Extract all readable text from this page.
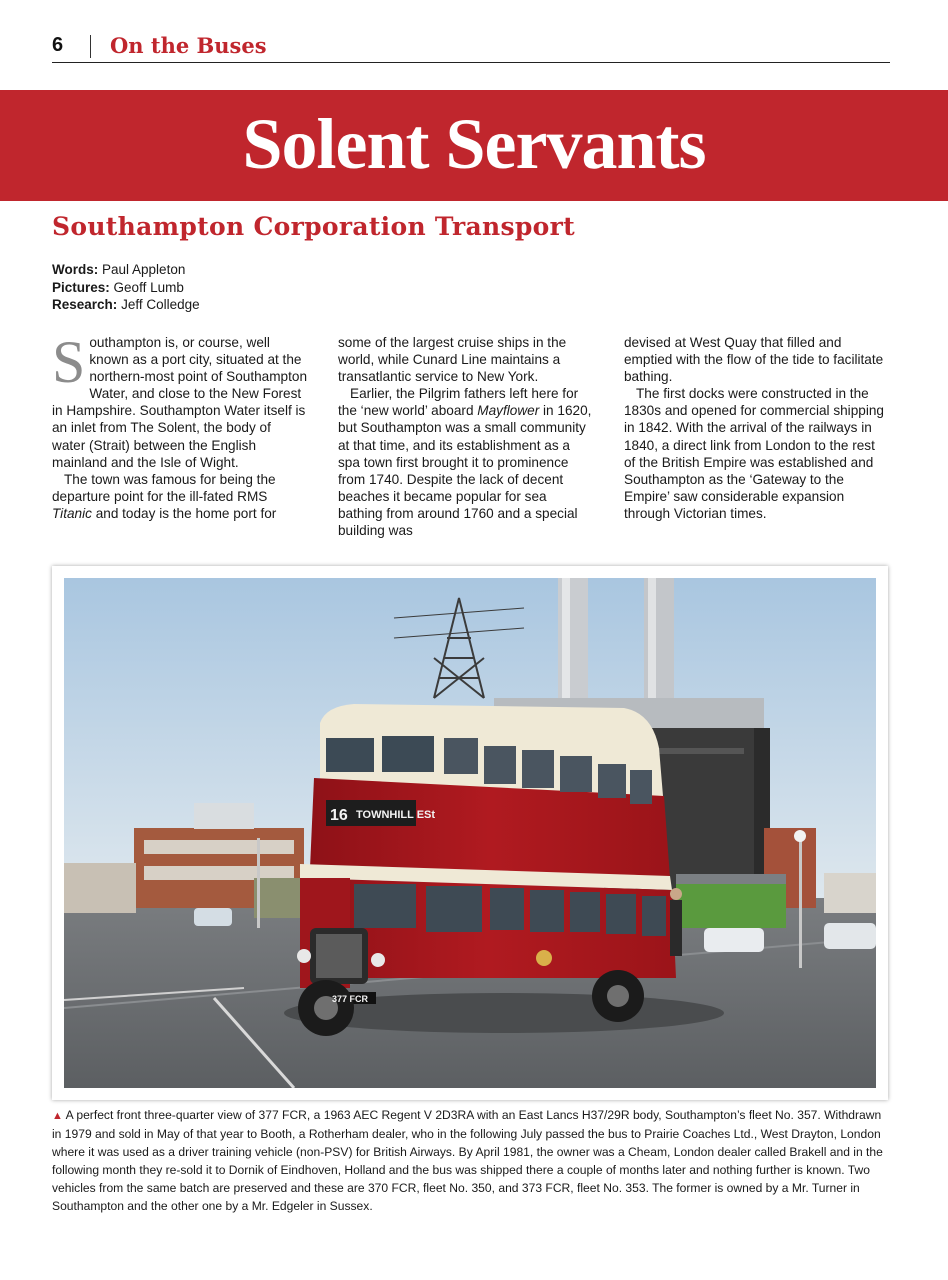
6 On the Buses
Solent Servants
Southampton Corporation Transport
Words: Paul Appleton
Pictures: Geoff Lumb
Research: Jeff Colledge

Southampton is, or course, well known as a port city, situated at the northern-most point of Southampton Water, and close to the New Forest in Hampshire. Southampton Water itself is an inlet from The Solent, the body of water (Strait) between the English mainland and the Isle of Wight.

The town was famous for being the departure point for the ill-fated RMS Titanic and today is the home port for

some of the largest cruise ships in the world, while Cunard Line maintains a transatlantic service to New York.

Earlier, the Pilgrim fathers left here for the ‘new world’ aboard Mayflower in 1620, but Southampton was a small community at that time, and its establishment as a spa town first brought it to prominence from 1740. Despite the lack of decent beaches it became popular for sea bathing from around 1760 and a special building was

devised at West Quay that filled and emptied with the flow of the tide to facilitate bathing.

The first docks were constructed in the 1830s and opened for commercial shipping in 1842. With the arrival of the railways in 1840, a direct link from London to the rest of the British Empire was established and Southampton as the ‘Gateway to the Empire’ saw considerable expansion through Victorian times.

16 TOWNHILL ESt
377 FCR
▲ A perfect front three-quarter view of 377 FCR, a 1963 AEC Regent V 2D3RA with an East Lancs H37/29R body, Southampton’s fleet No. 357. Withdrawn in 1979 and sold in May of that year to Booth, a Rotherham dealer, who in the following July passed the bus to Prairie Coaches Ltd., West Drayton, London where it was used as a driver training vehicle (non-PSV) for British Airways. By April 1981, the owner was a Cheam, London dealer called Brakell and in the following month they re-sold it to Dornik of Eindhoven, Holland and the bus was shipped there a couple of months later and nothing further is known. Two vehicles from the same batch are preserved and these are 370 FCR, fleet No. 350, and 373 FCR, fleet No. 353. The former is owned by a Mr. Turner in Southampton and the other one by a Mr. Edgeler in Sussex.
